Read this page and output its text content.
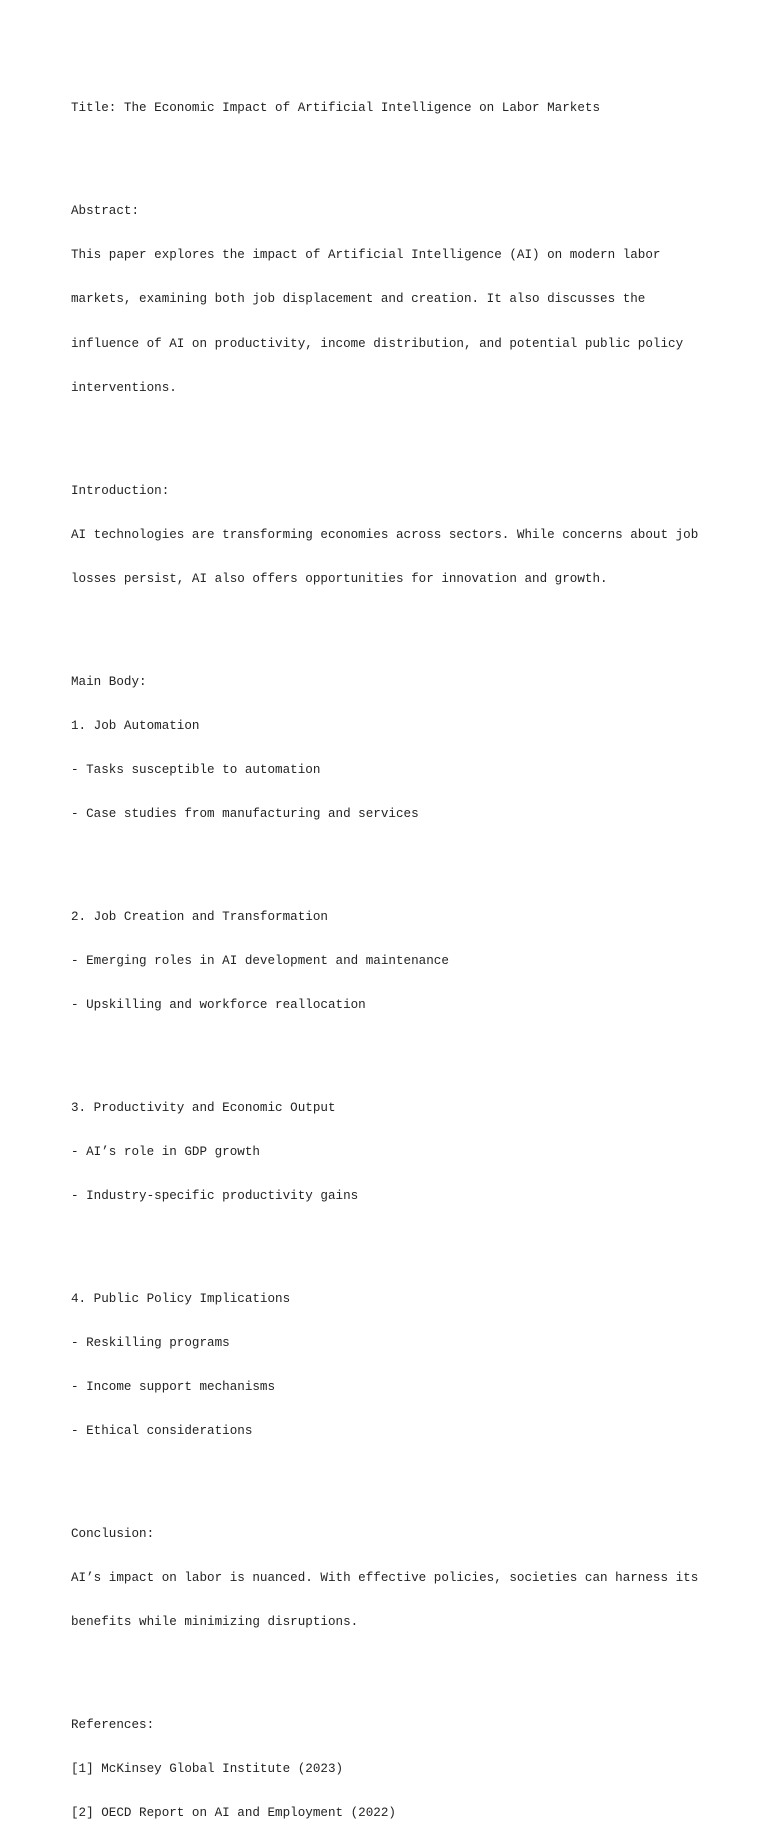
Title: The Economic Impact of Artificial Intelligence on Labor Markets

Abstract:

This paper explores the impact of Artificial Intelligence (AI) on modern labor

markets, examining both job displacement and creation. It also discusses the

influence of AI on productivity, income distribution, and potential public policy

interventions.

Introduction:

AI technologies are transforming economies across sectors. While concerns about job

losses persist, AI also offers opportunities for innovation and growth.

Main Body:

1. Job Automation

- Tasks susceptible to automation

- Case studies from manufacturing and services

2. Job Creation and Transformation

- Emerging roles in AI development and maintenance

- Upskilling and workforce reallocation

3. Productivity and Economic Output

- AI’s role in GDP growth

- Industry-specific productivity gains

4. Public Policy Implications

- Reskilling programs

- Income support mechanisms

- Ethical considerations

Conclusion:

AI’s impact on labor is nuanced. With effective policies, societies can harness its

benefits while minimizing disruptions.

References:

[1] McKinsey Global Institute (2023)

[2] OECD Report on AI and Employment (2022)
